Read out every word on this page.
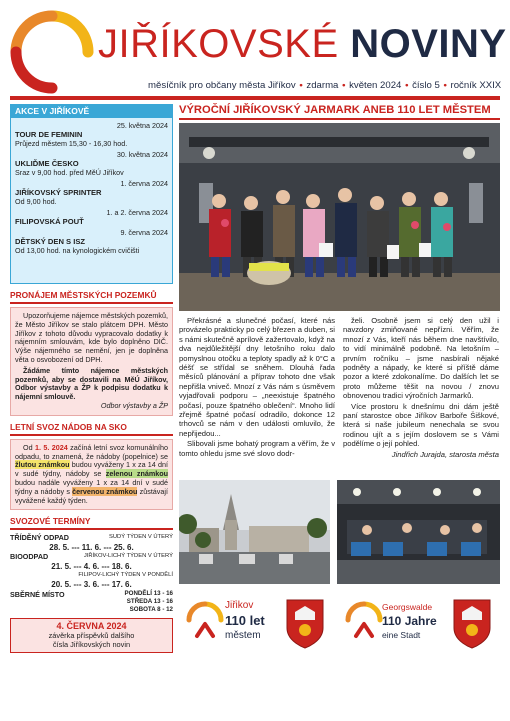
JIŘÍKOVSKÉ NOVINY
měsíčník pro občany města Jiříkov • zdarma • květen 2024 • číslo 5 • ročník XXIX
AKCE V JIŘÍKOVĚ
25. května 2024
TOUR DE FEMININ
Průjezd městem 15,30 - 16,30 hod.
30. května 2024
UKLIĎME ČESKO
Sraz v 9,00 hod. před MěÚ Jiříkov
1. června 2024
JIŘÍKOVSKÝ SPRINTER
Od 9,00 hod.
1. a 2. června 2024
FILIPOVSKÁ POUŤ
9. června 2024
DĚTSKÝ DEN S ISZ
Od 13,00 hod. na kynologickém cvičišti
PRONÁJEM MĚSTSKÝCH POZEMKŮ

Upozorňujeme nájemce městských pozemků, že Město Jiříkov se stalo plátcem DPH. Město Jiříkov z tohoto důvodu vypracovalo dodatky k nájemním smlouvám, kde bylo doplněno DIČ. Výše nájemného se nemění, jen je doplněna věta o osvobození od DPH.

Žádáme tímto nájemce městských pozemků, aby se dostavili na MěÚ Jiříkov, Odbor výstavby a ŽP k podpisu dodatku k nájemní smlouvě.

Odbor výstavby a ŽP
LETNÍ SVOZ NÁDOB NA SKO

Od 1. 5. 2024 začíná letní svoz komunálního odpadu, to znamená, že nádoby (popelnice) se žlutou známkou budou vyváženy 1 x za 14 dní v sudé týdny, nádoby se zelenou známkou budou nadále vyváženy 1 x za 14 dní v sudé týdny a nádoby s červenou známkou zůstávají vyvážené každý týden.

SVOZOVÉ TERMÍNY
TŘÍDĚNÝ ODPAD	SUDÝ TÝDEN V ÚTERÝ
28. 5. --- 11. 6. --- 25. 6.
BIOODPAD	JIŘÍKOV-LICHÝ TÝDEN V ÚTERÝ
21. 5. --- 4. 6. --- 18. 6.
FILIPOV-LICHÝ TÝDEN V PONDĚLÍ
20. 5. --- 3. 6. --- 17. 6.
SBĚRNÉ MÍSTO	PONDĚLÍ 13 - 16
STŘEDA 13 - 16
SOBOTA 8 - 12
4. ČERVNA 2024
závěrka příspěvků dalšího
čísla Jiříkovských novin
VÝROČNÍ JIŘÍKOVSKÝ JARMARK ANEB 110 LET MĚSTEM

Překrásné a slunečné počasí, které nás provázelo prakticky po celý březen a duben, si s námi skutečně aprílově zažertovalo, když na dva nejdůležitější dny letošního roku dalo pomyslnou otočku a teploty spadly až k 0°C a déšť se střídal se sněhem. Dlouhá řada měsíců plánování a příprav tohoto dne však nepřišla vniveč. Mnozí z Vás nám s úsměvem vyjadřovali podporu – „neexistuje špatného počasí, pouze špatného oblečení“. Mnoho lidí zřejmě špatné počasí odradilo, dokonce 12 trhovců se nám v den události omluvilo, že nepřijedou...

Slibovali jsme bohatý program a věřím, že v tomto ohledu jsme své slovo dodr-

želi. Osobně jsem si celý den užil i navzdory zmiňované nepřízni. Věřím, že mnozí z Vás, kteří nás během dne navštívilo, to vidí minimálně podobně. Na letošním – prvním ročníku – jsme nasbírali nějaké podněty a nápady, ke které si příště dáme pozor a které zdokonalíme. Do dalších let se proto můžeme těšit na novou / znovu obnovenou tradici výročních Jarmarků.

Více prostoru k dnešnímu dni dám ještě paní starostce obce Jiříkov Barboře Šiškové, která si naše jubileum nenechala se svou rodinou ujít a s jejím doslovem se s Vámi podělíme o její pohled.

Jindřich Jurajda, starosta města
Jiřikov
110 let
městem
Georgswalde
110 Jahre
eine Stadt
